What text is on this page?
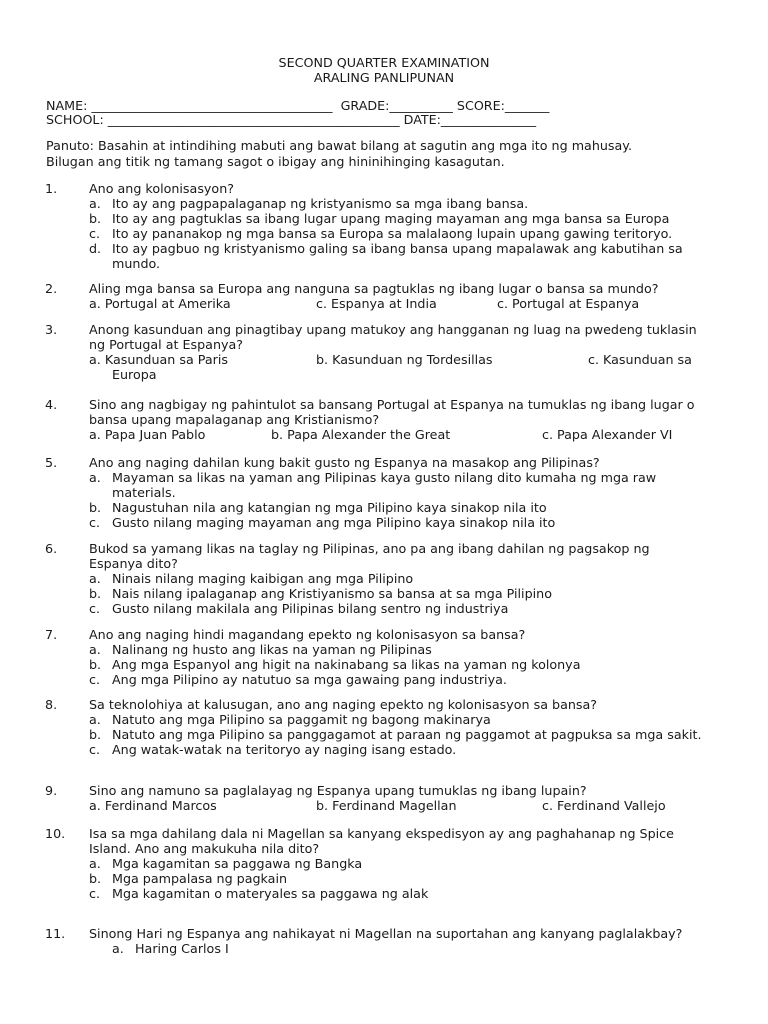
SECOND QUARTER EXAMINATION
ARALING PANLIPUNAN
NAME: ______________________________________  GRADE:__________ SCORE:_______
SCHOOL: ______________________________________________ DATE:_______________
Panuto: Basahin at intindihing mabuti ang bawat bilang at sagutin ang mga ito ng mahusay.
Bilugan ang titik ng tamang sagot o ibigay ang hininihinging kasagutan.
1.	Ano ang kolonisasyon?
a. Ito ay ang pagpapalaganap ng kristyanismo sa mga ibang bansa.
b. Ito ay ang pagtuklas sa ibang lugar upang maging mayaman ang mga bansa sa Europa
c. Ito ay pananakop ng mga bansa sa Europa sa malalaong lupain upang gawing teritoryo.
d. Ito ay pagbuo ng kristyanismo galing sa ibang bansa upang mapalawak ang kabutihan sa mundo.
2.	Aling mga bansa sa Europa ang nanguna sa pagtuklas ng ibang lugar o bansa sa mundo?
a. Portugal at Amerika	c. Espanya at India	c. Portugal at Espanya
3.	Anong kasunduan ang pinagtibay upang matukoy ang hangganan ng luag na pwedeng tuklasin ng Portugal at Espanya?
a. Kasunduan sa Paris	b. Kasunduan ng Tordesillas	c. Kasunduan sa
Europa
4.	Sino ang nagbigay ng pahintulot sa bansang Portugal at Espanya na tumuklas ng ibang lugar o bansa upang mapalaganap ang Kristianismo?
a. Papa Juan Pablo	b. Papa Alexander the Great	c. Papa Alexander VI
5.	Ano ang naging dahilan kung bakit gusto ng Espanya na masakop ang Pilipinas?
a. Mayaman sa likas na yaman ang Pilipinas kaya gusto nilang dito kumaha ng mga raw materials.
b. Nagustuhan nila ang katangian ng mga Pilipino kaya sinakop nila ito
c. Gusto nilang maging mayaman ang mga Pilipino kaya sinakop nila ito
6.	Bukod sa yamang likas na taglay ng Pilipinas, ano pa ang ibang dahilan ng pagsakop ng Espanya dito?
a. Ninais nilang maging kaibigan ang mga Pilipino
b. Nais nilang ipalaganap ang Kristiyanismo sa bansa at sa mga Pilipino
c. Gusto nilang makilala ang Pilipinas bilang sentro ng industriya
7.	Ano ang naging hindi magandang epekto ng kolonisasyon sa bansa?
a. Nalinang ng husto ang likas na yaman ng Pilipinas
b. Ang mga Espanyol ang higit na nakinabang sa likas na yaman ng kolonya
c. Ang mga Pilipino ay natutuo sa mga gawaing pang industriya.
8.	Sa teknolohiya at kalusugan, ano ang naging epekto ng kolonisasyon sa bansa?
a. Natuto ang mga Pilipino sa paggamit ng bagong makinarya
b. Natuto ang mga Pilipino sa panggagamot at paraan ng paggamot at pagpuksa sa mga sakit.
c. Ang watak-watak na teritoryo ay naging isang estado.
9.	Sino ang namuno sa paglalayag ng Espanya upang tumuklas ng ibang lupain?
a. Ferdinand Marcos	b. Ferdinand Magellan	c. Ferdinand Vallejo
10.	Isa sa mga dahilang dala ni Magellan sa kanyang ekspedisyon ay ang paghahanap ng Spice Island. Ano ang makukuha nila dito?
a. Mga kagamitan sa paggawa ng Bangka
b. Mga pampalasa ng pagkain
c. Mga kagamitan o materyales sa paggawa ng alak
11.	Sinong Hari ng Espanya ang nahikayat ni Magellan na suportahan ang kanyang paglalakbay?
a. Haring Carlos I
